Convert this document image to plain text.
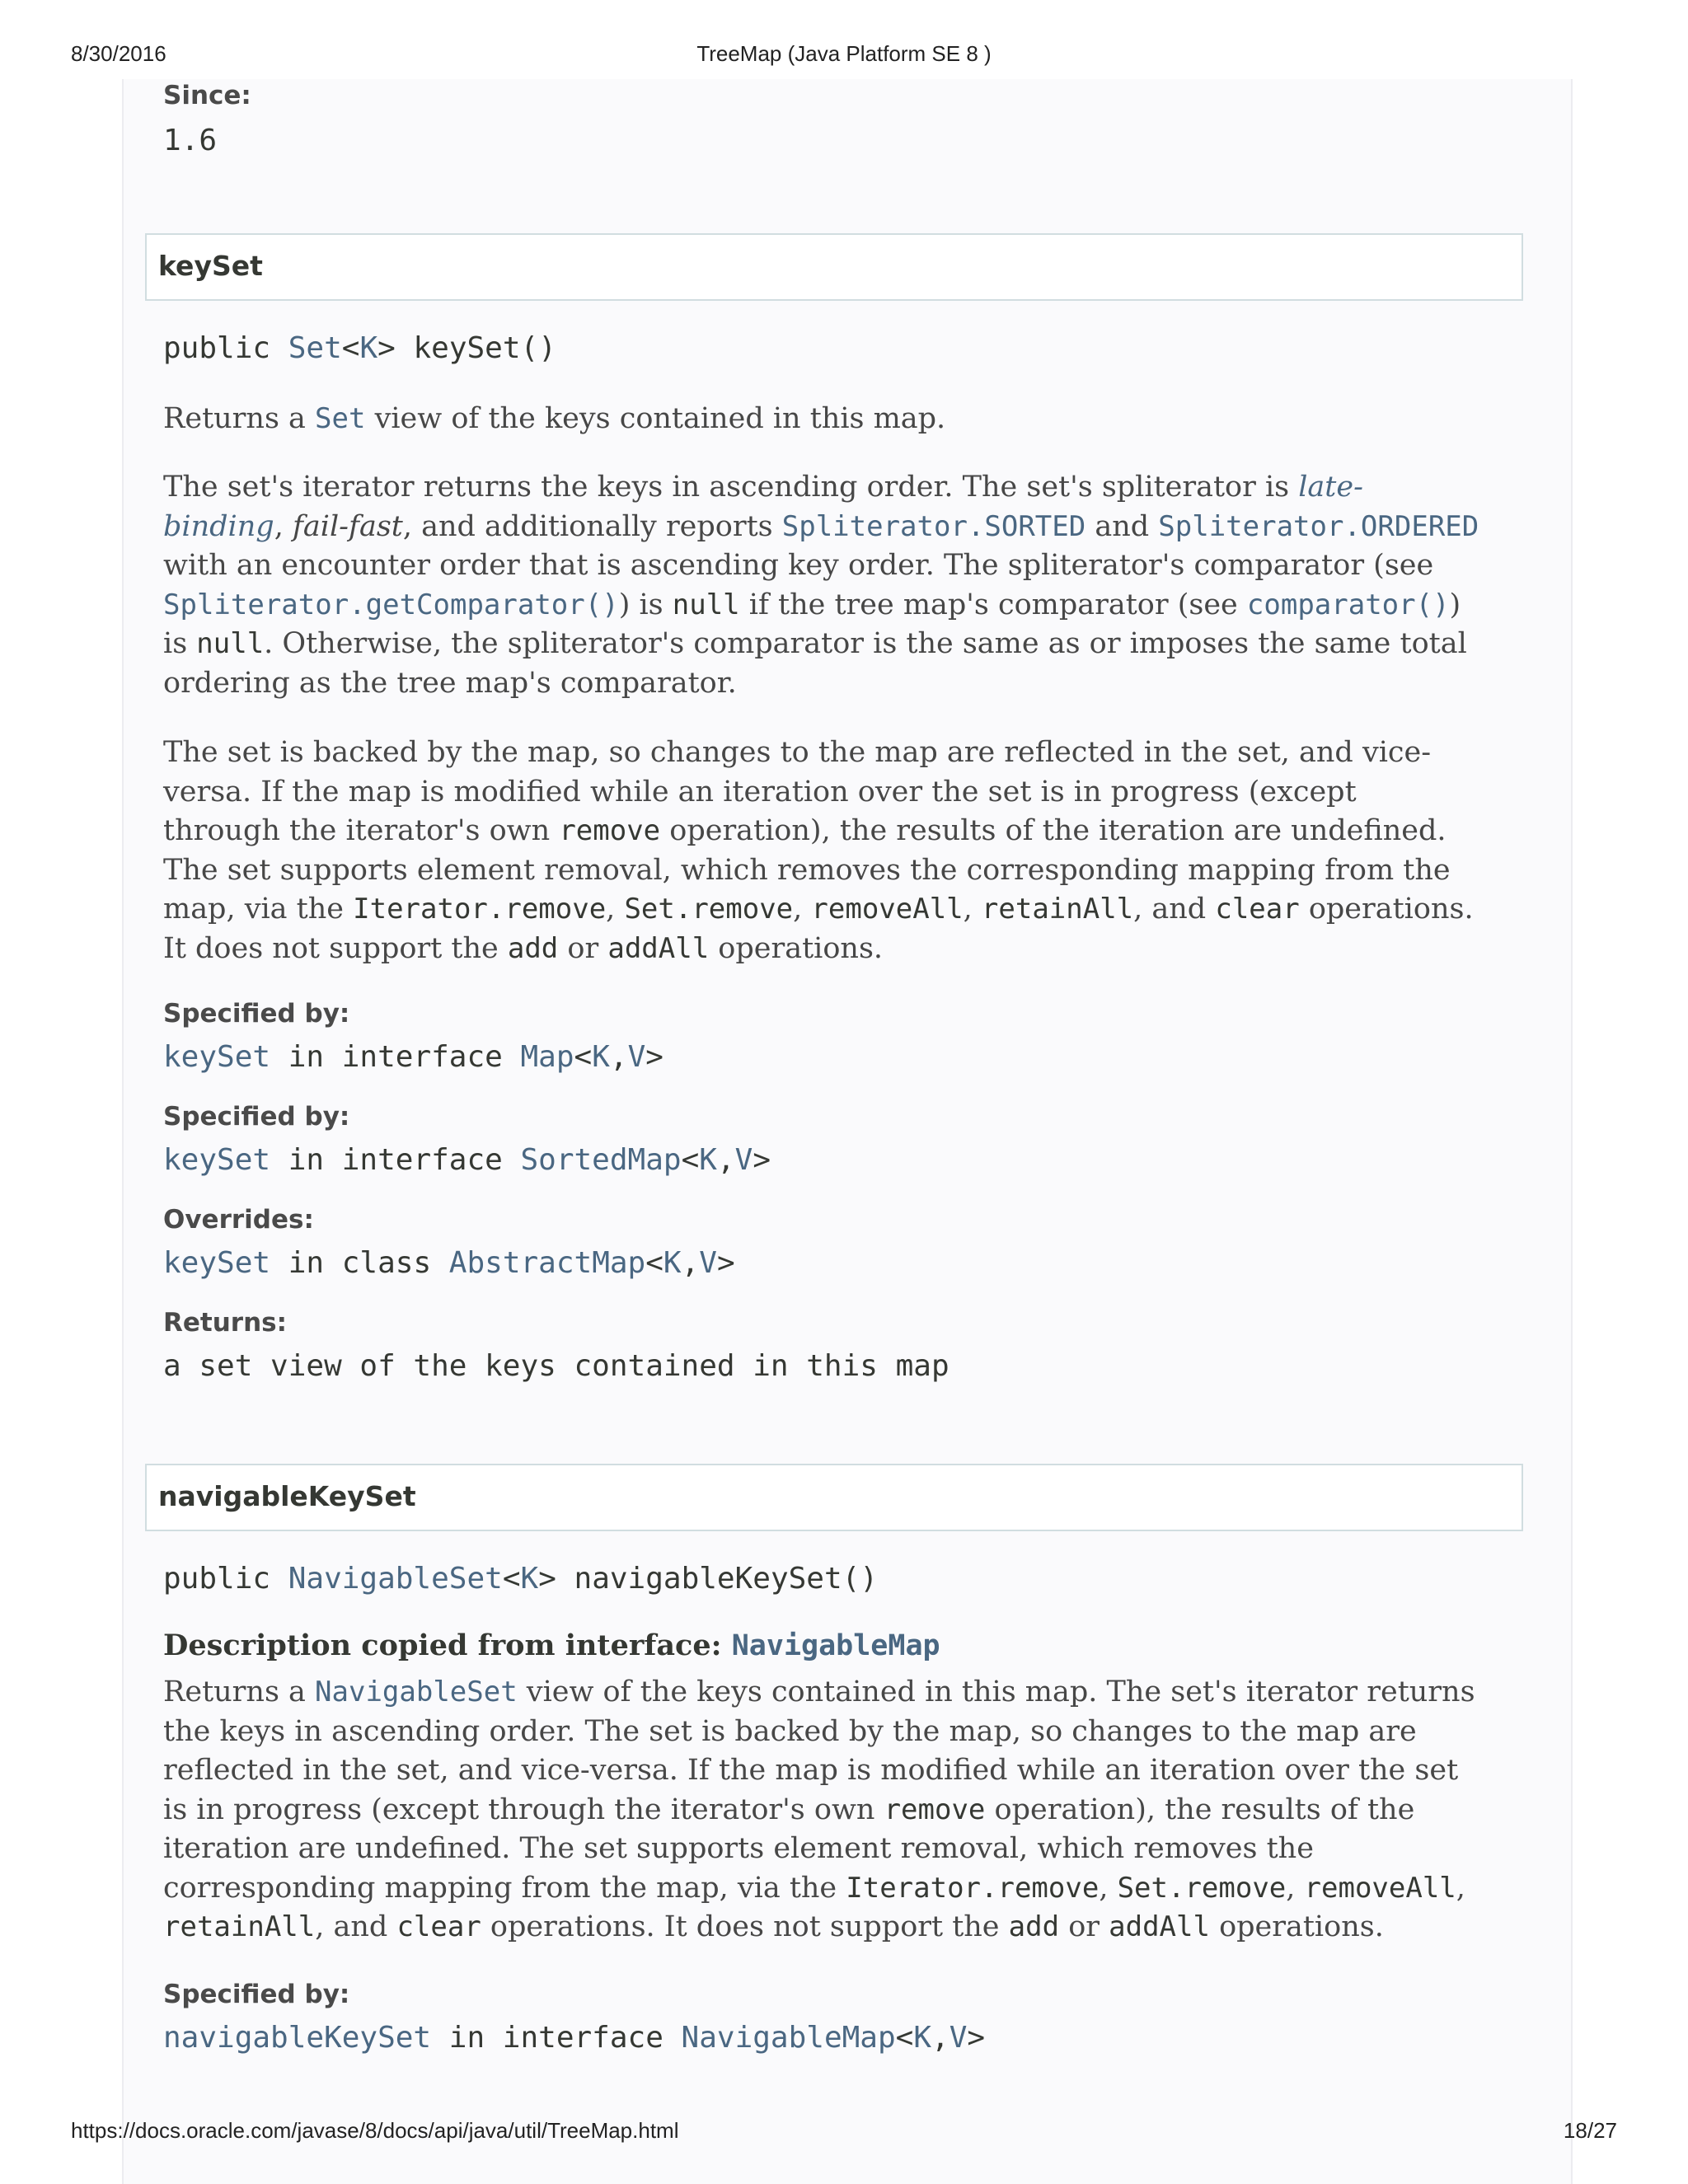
8/30/2016	TreeMap (Java Platform SE 8 )
Since:
1.6
keySet
public Set<K> keySet()
Returns a Set view of the keys contained in this map.
The set's iterator returns the keys in ascending order. The set's spliterator is late-binding, fail-fast, and additionally reports Spliterator.SORTED and Spliterator.ORDERED with an encounter order that is ascending key order. The spliterator's comparator (see Spliterator.getComparator()) is null if the tree map's comparator (see comparator()) is null. Otherwise, the spliterator's comparator is the same as or imposes the same total ordering as the tree map's comparator.
The set is backed by the map, so changes to the map are reflected in the set, and vice-versa. If the map is modified while an iteration over the set is in progress (except through the iterator's own remove operation), the results of the iteration are undefined. The set supports element removal, which removes the corresponding mapping from the map, via the Iterator.remove, Set.remove, removeAll, retainAll, and clear operations. It does not support the add or addAll operations.
Specified by:
keySet in interface Map<K,V>
Specified by:
keySet in interface SortedMap<K,V>
Overrides:
keySet in class AbstractMap<K,V>
Returns:
a set view of the keys contained in this map
navigableKeySet
public NavigableSet<K> navigableKeySet()
Description copied from interface: NavigableMap
Returns a NavigableSet view of the keys contained in this map. The set's iterator returns the keys in ascending order. The set is backed by the map, so changes to the map are reflected in the set, and vice-versa. If the map is modified while an iteration over the set is in progress (except through the iterator's own remove operation), the results of the iteration are undefined. The set supports element removal, which removes the corresponding mapping from the map, via the Iterator.remove, Set.remove, removeAll, retainAll, and clear operations. It does not support the add or addAll operations.
Specified by:
navigableKeySet in interface NavigableMap<K,V>
https://docs.oracle.com/javase/8/docs/api/java/util/TreeMap.html	18/27
